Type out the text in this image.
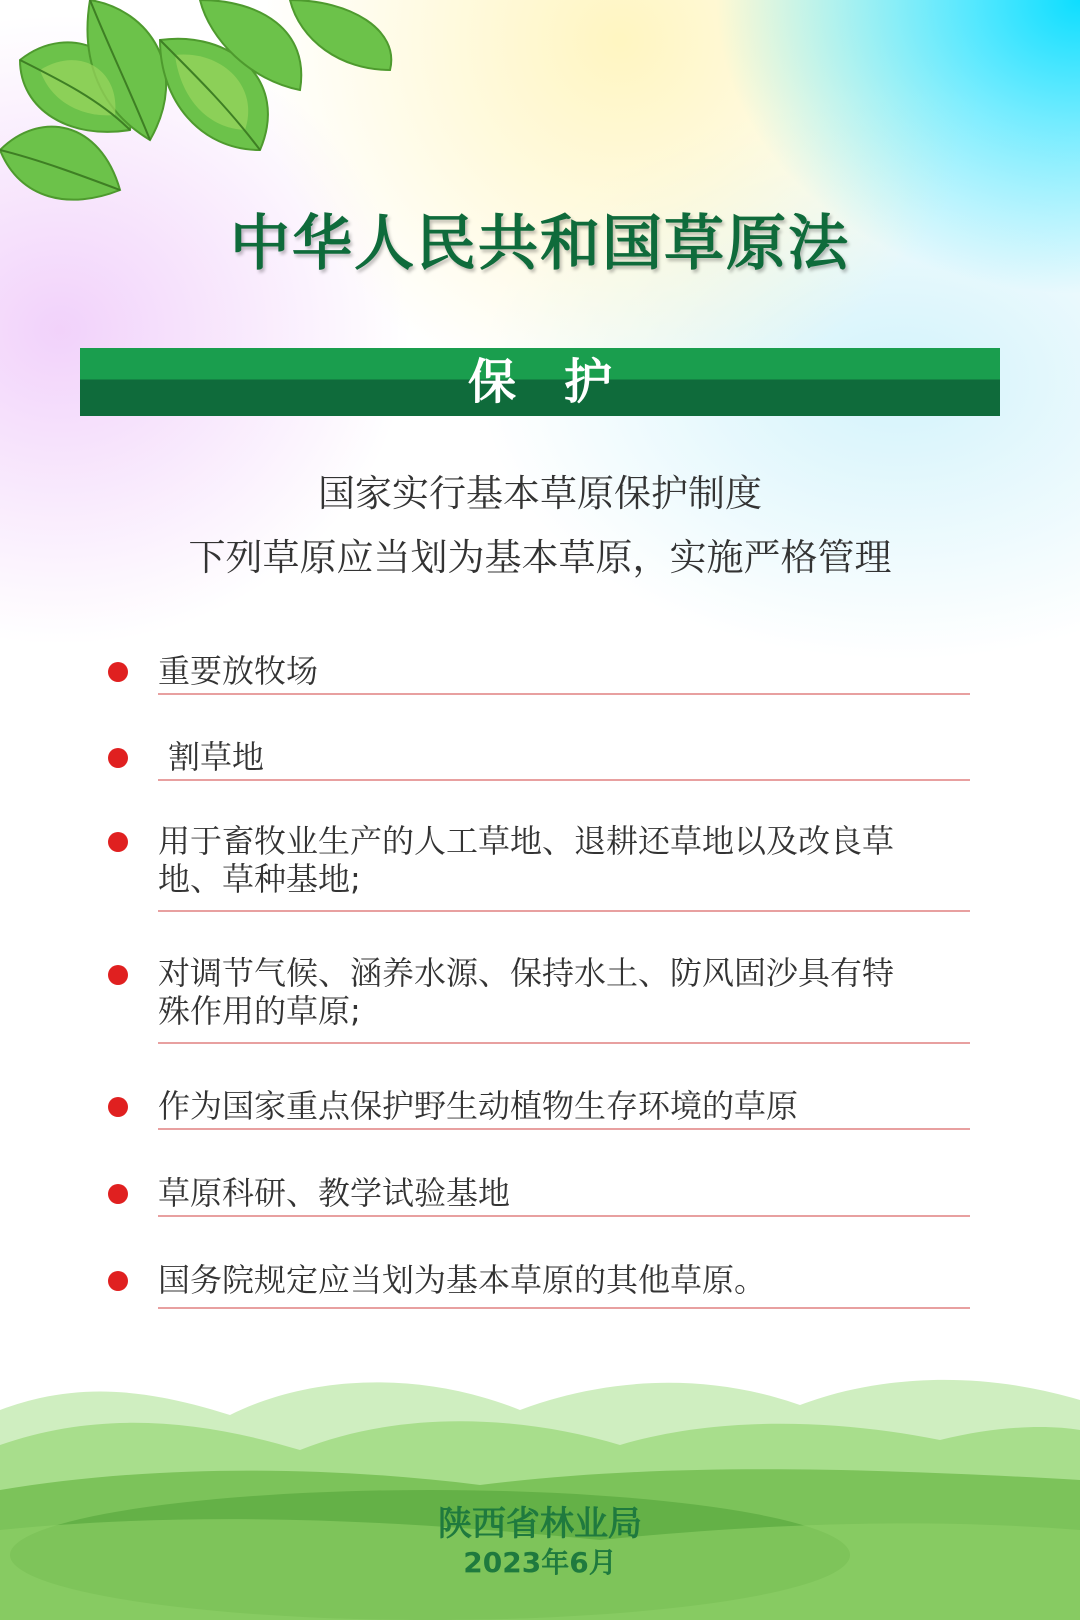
中华人民共和国草原法
保护
国家实行基本草原保护制度
下列草原应当划为基本草原，实施严格管理
重要放牧场
割草地
用于畜牧业生产的人工草地、退耕还草地以及改良草地、草种基地;
对调节气候、涵养水源、保持水土、防风固沙具有特殊作用的草原;
作为国家重点保护野生动植物生存环境的草原
草原科研、教学试验基地
国务院规定应当划为基本草原的其他草原。
陕西省林业局
2023年6月
